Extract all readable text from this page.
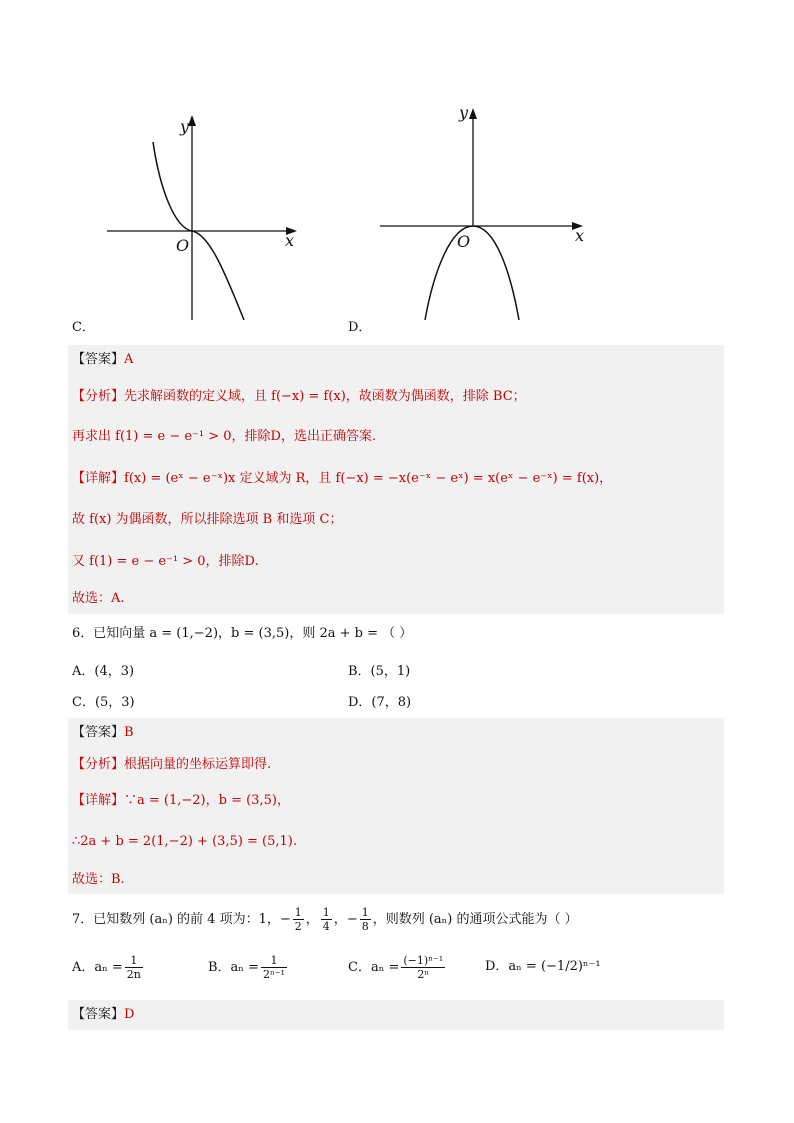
x
y
O
x
y
O
C．	D．
【答案】A
【分析】先求解函数的定义域，且 f(−x) = f(x)，故函数为偶函数，排除 BC；
再求出 f(1) = e − e⁻¹ > 0，排除D，选出正确答案.
【详解】f(x) = (eˣ − e⁻ˣ)x 定义域为 R，且 f(−x) = −x(e⁻ˣ − eˣ) = x(eˣ − e⁻ˣ) = f(x)，
故 f(x) 为偶函数，所以排除选项 B 和选项 C；
又 f(1) = e − e⁻¹ > 0，排除D.
故选：A.
6．已知向量 a = (1,−2)，b = (3,5)，则 2a + b = （ ）
A．(4，3)	B．(5，1)
C．(5，3)	D．(7，8)
【答案】B
【分析】根据向量的坐标运算即得.
【详解】∵a = (1,−2)，b = (3,5)，
∴2a + b = 2(1,−2) + (3,5) = (5,1).
故选：B.
7．已知数列 (aₙ) 的前 4 项为：1，− $\frac{1}{2}$ ， $\frac{1}{4}$ ，− $\frac{1}{8}$ ，则数列 (aₙ) 的通项公式能为（ ）
A．$a_n = \frac{1}{2n}$	B．$a_n = \frac{1}{\text{2ⁿ⁻¹}}$	C．$a_n = \frac{\text{(−1)ⁿ⁻¹}}{\text{2ⁿ}}$	D．aₙ = (−1/2)ⁿ⁻¹
【答案】D
